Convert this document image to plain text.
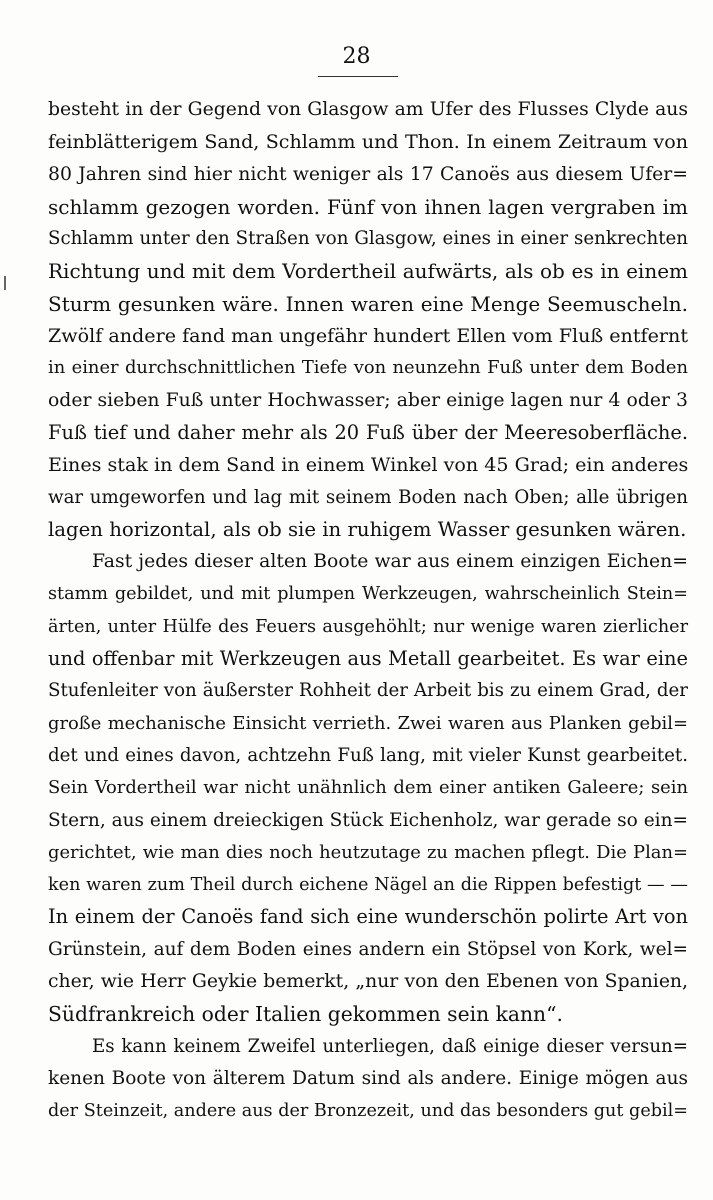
28
besteht in der Gegend von Glasgow am Ufer des Flusses Clyde aus
feinblätterigem Sand, Schlamm und Thon. In einem Zeitraum von
80 Jahren sind hier nicht weniger als 17 Canoës aus diesem Ufer=
schlamm gezogen worden. Fünf von ihnen lagen vergraben im
Schlamm unter den Straßen von Glasgow, eines in einer senkrechten
Richtung und mit dem Vordertheil aufwärts, als ob es in einem
Sturm gesunken wäre. Innen waren eine Menge Seemuscheln.
Zwölf andere fand man ungefähr hundert Ellen vom Fluß entfernt
in einer durchschnittlichen Tiefe von neunzehn Fuß unter dem Boden
oder sieben Fuß unter Hochwasser; aber einige lagen nur 4 oder 3
Fuß tief und daher mehr als 20 Fuß über der Meeresoberfläche.
Eines stak in dem Sand in einem Winkel von 45 Grad; ein anderes
war umgeworfen und lag mit seinem Boden nach Oben; alle übrigen
lagen horizontal, als ob sie in ruhigem Wasser gesunken wären.
Fast jedes dieser alten Boote war aus einem einzigen Eichen=
stamm gebildet, und mit plumpen Werkzeugen, wahrscheinlich Stein=
ärten, unter Hülfe des Feuers ausgehöhlt; nur wenige waren zierlicher
und offenbar mit Werkzeugen aus Metall gearbeitet. Es war eine
Stufenleiter von äußerster Rohheit der Arbeit bis zu einem Grad, der
große mechanische Einsicht verrieth. Zwei waren aus Planken gebil=
det und eines davon, achtzehn Fuß lang, mit vieler Kunst gearbeitet.
Sein Vordertheil war nicht unähnlich dem einer antiken Galeere; sein
Stern, aus einem dreieckigen Stück Eichenholz, war gerade so ein=
gerichtet, wie man dies noch heutzutage zu machen pflegt. Die Plan=
ken waren zum Theil durch eichene Nägel an die Rippen befestigt — —
In einem der Canoës fand sich eine wunderschön polirte Art von
Grünstein, auf dem Boden eines andern ein Stöpsel von Kork, wel=
cher, wie Herr Geykie bemerkt, „nur von den Ebenen von Spanien,
Südfrankreich oder Italien gekommen sein kann“.
Es kann keinem Zweifel unterliegen, daß einige dieser versun=
kenen Boote von älterem Datum sind als andere. Einige mögen aus
der Steinzeit, andere aus der Bronzezeit, und das besonders gut gebil=
